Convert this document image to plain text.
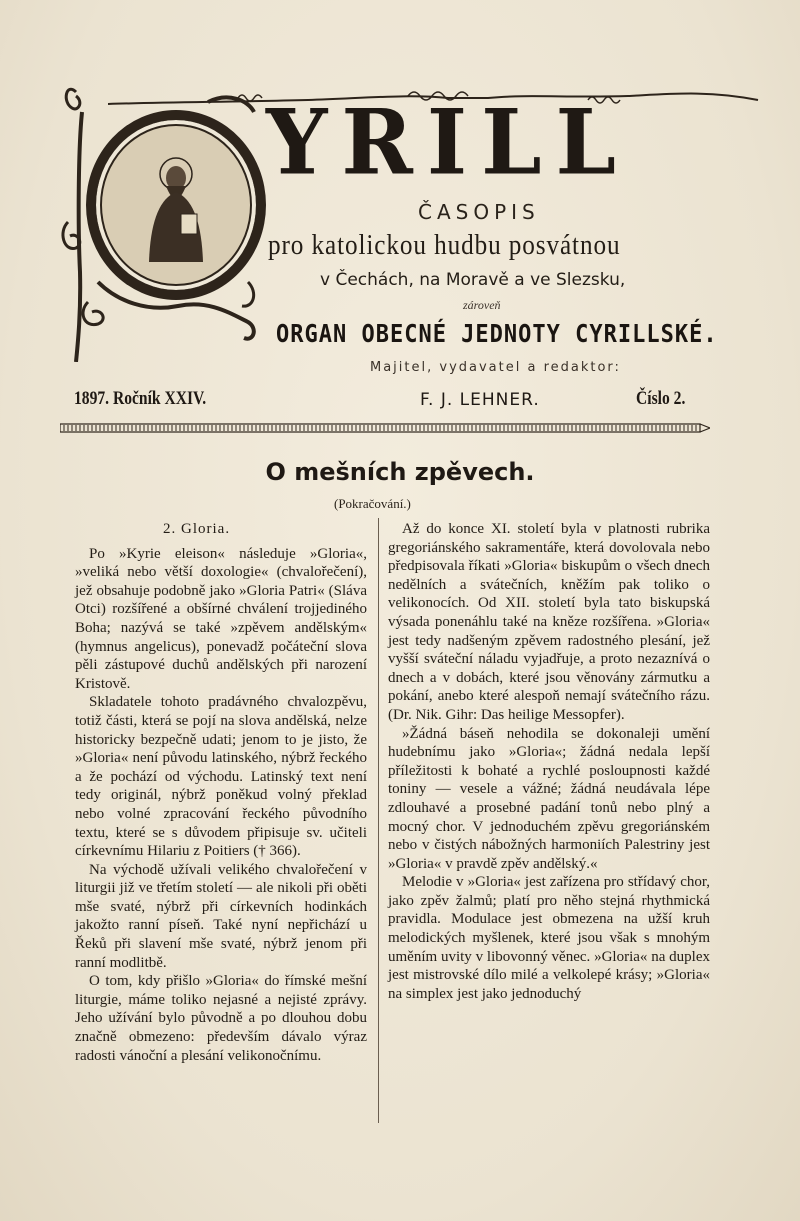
YRILL
ČASOPIS
pro katolickou hudbu posvátnou
v Čechách, na Moravě a ve Slezsku,
zároveň
ORGAN OBECNÉ JEDNOTY CYRILLSKÉ.
Majitel, vydavatel a redaktor:
1897. Ročník XXIV.	F. J. LEHNER.	Číslo 2.
O mešních zpěvech.
(Pokračování.)

2. Gloria.

Po »Kyrie eleison« následuje »Gloria«, »veliká nebo větší doxologie« (chvalořečení), jež obsahuje podobně jako »Gloria Patri« (Sláva Otci) rozšířené a obšírné chválení trojjediného Boha; nazývá se také »zpěvem andělským« (hymnus angelicus), ponevadž počáteční slova pěli zástupové duchů andělských při narození Kristově.

Skladatele tohoto pradávného chvalozpěvu, totiž části, která se pojí na slova andělská, nelze historicky bezpečně udati; jenom to je jisto, že »Gloria« není původu latinského, nýbrž řeckého a že pochází od východu. Latinský text není tedy originál, nýbrž poněkud volný překlad nebo volné zpracování řeckého původního textu, které se s důvodem připisuje sv. učiteli církevnímu Hilariu z Poitiers († 366).

Na východě užívali velikého chvalořečení v liturgii již ve třetím století — ale nikoli při oběti mše svaté, nýbrž při církevních hodinkách jakožto ranní píseň. Také nyní nepřichází u Řeků při slavení mše svaté, nýbrž jenom při ranní modlitbě.

O tom, kdy přišlo »Gloria« do římské mešní liturgie, máme toliko nejasné a nejisté zprávy. Jeho užívání bylo původně a po dlouhou dobu značně obmezeno: především dávalo výraz radosti vánoční a plesání velikonočnímu.

Až do konce XI. století byla v platnosti rubrika gregoriánského sakramentáře, která dovolovala nebo předpisovala říkati »Gloria« biskupům o všech dnech nedělních a svátečních, kněžím pak toliko o velikonocích. Od XII. století byla tato biskupská výsada ponenáhlu také na kněze rozšířena. »Gloria« jest tedy nadšeným zpěvem radostného plesání, jež vyšší sváteční náladu vyjadřuje, a proto nezaznívá o dnech a v dobách, které jsou věnovány zármutku a pokání, anebo které alespoň nemají svátečního rázu. (Dr. Nik. Gihr: Das heilige Messopfer).

»Žádná báseň nehodila se dokonaleji umění hudebnímu jako »Gloria«; žádná nedala lepší příležitosti k bohaté a rychlé posloupnosti každé toniny — vesele a vážné; žádná neudávala lépe zdlouhavé a prosebné padání tonů nebo plný a mocný chor. V jednoduchém zpěvu gregoriánském nebo v čistých nábožných harmoniích Palestriny jest »Gloria« v pravdě zpěv andělský.«

Melodie v »Gloria« jest zařízena pro střídavý chor, jako zpěv žalmů; platí pro něho stejná rhythmická pravidla. Modulace jest obmezena na užší kruh melodických myšlenek, které jsou však s mnohým uměním uvity v libovonný věnec. »Gloria« na duplex jest mistrovské dílo milé a velkolepé krásy; »Gloria« na simplex jest jako jednoduchý
